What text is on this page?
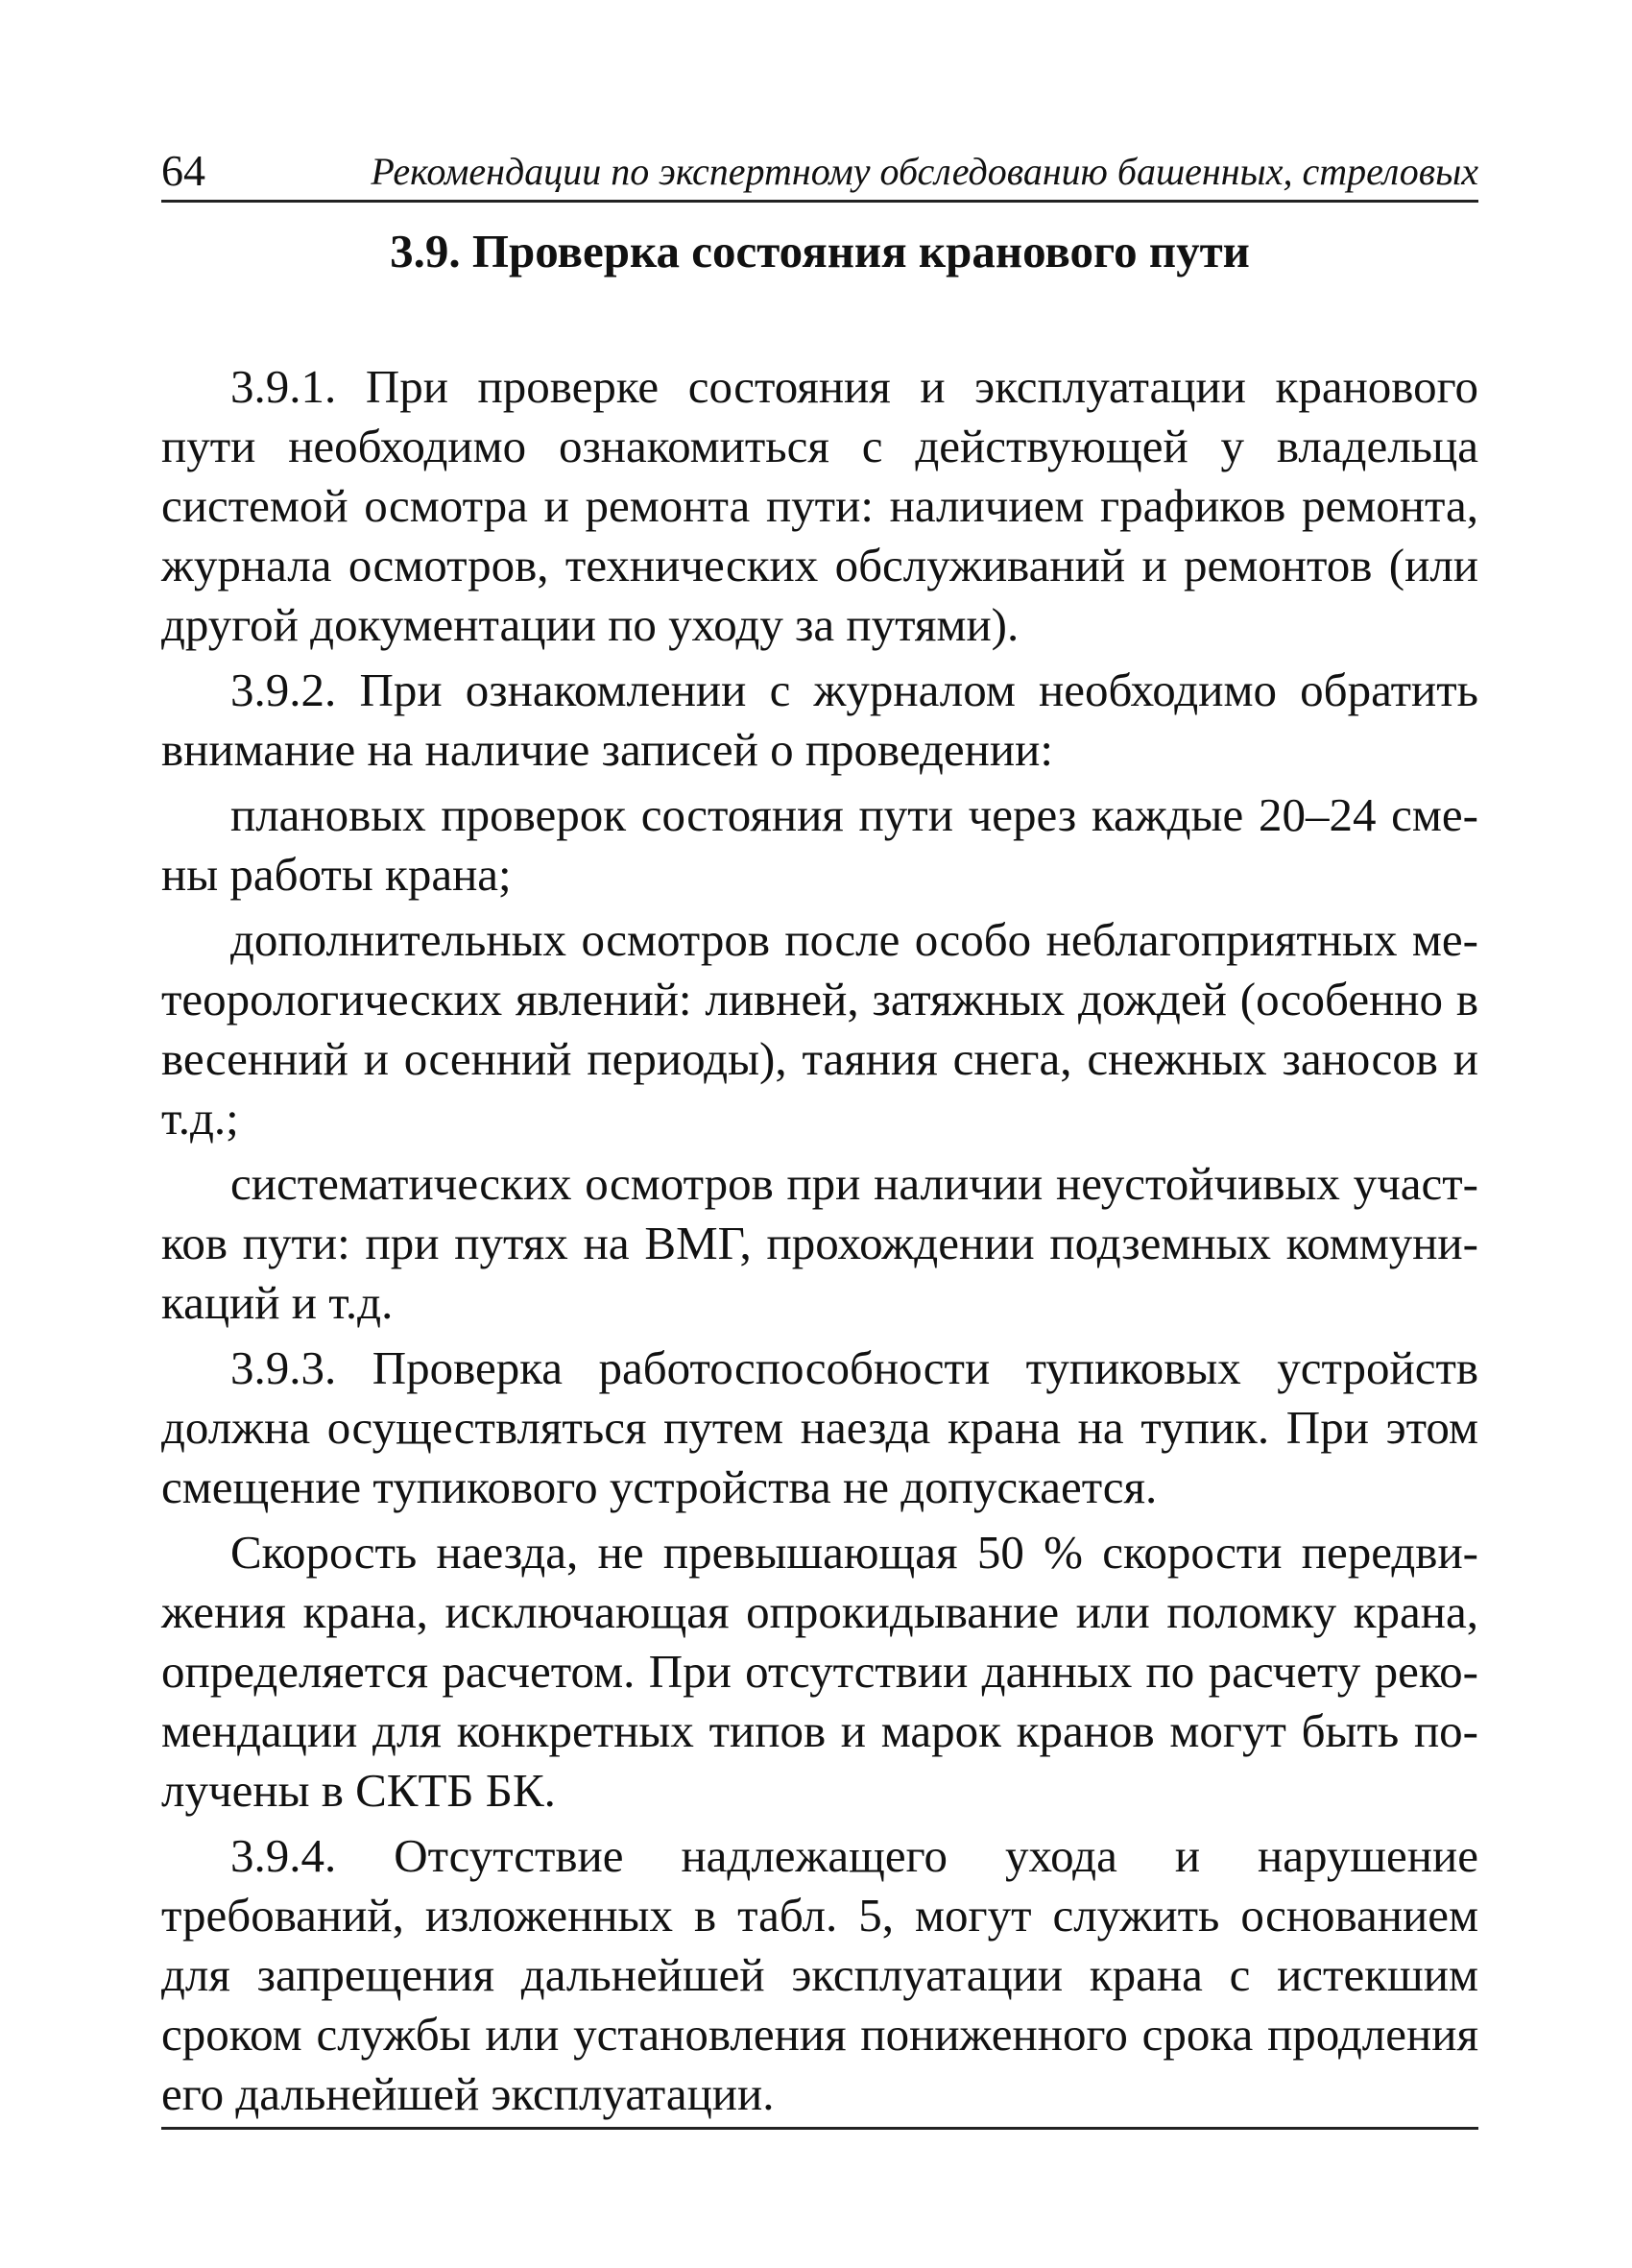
64	Рекомендации по экспертному обследованию башенных, стреловых
3.9. Проверка состояния кранового пути

3.9.1. При проверке состояния и эксплуатации кранового пути необходимо ознакомиться с действующей у владельца системой осмотра и ремонта пути: наличием графиков ремонта, журнала осмотров, технических обслуживаний и ремонтов (или другой документации по уходу за путями).

3.9.2. При ознакомлении с журналом необходимо обратить внимание на наличие записей о проведении:

плановых проверок состояния пути через каждые 20–24 смены работы крана;

дополнительных осмотров после особо неблагоприятных метеорологических явлений: ливней, затяжных дождей (особенно в весенний и осенний периоды), таяния снега, снежных заносов и т.д.;

систематических осмотров при наличии неустойчивых участков пути: при путях на ВМГ, прохождении подземных коммуникаций и т.д.

3.9.3. Проверка работоспособности тупиковых устройств должна осуществляться путем наезда крана на тупик. При этом смещение тупикового устройства не допускается.

Скорость наезда, не превышающая 50 % скорости передвижения крана, исключающая опрокидывание или поломку крана, определяется расчетом. При отсутствии данных по расчету рекомендации для конкретных типов и марок кранов могут быть получены в СКТБ БК.

3.9.4. Отсутствие надлежащего ухода и нарушение требований, изложенных в табл. 5, могут служить основанием для запрещения дальнейшей эксплуатации крана с истекшим сроком службы или установления пониженного срока продления его дальнейшей эксплуатации.
